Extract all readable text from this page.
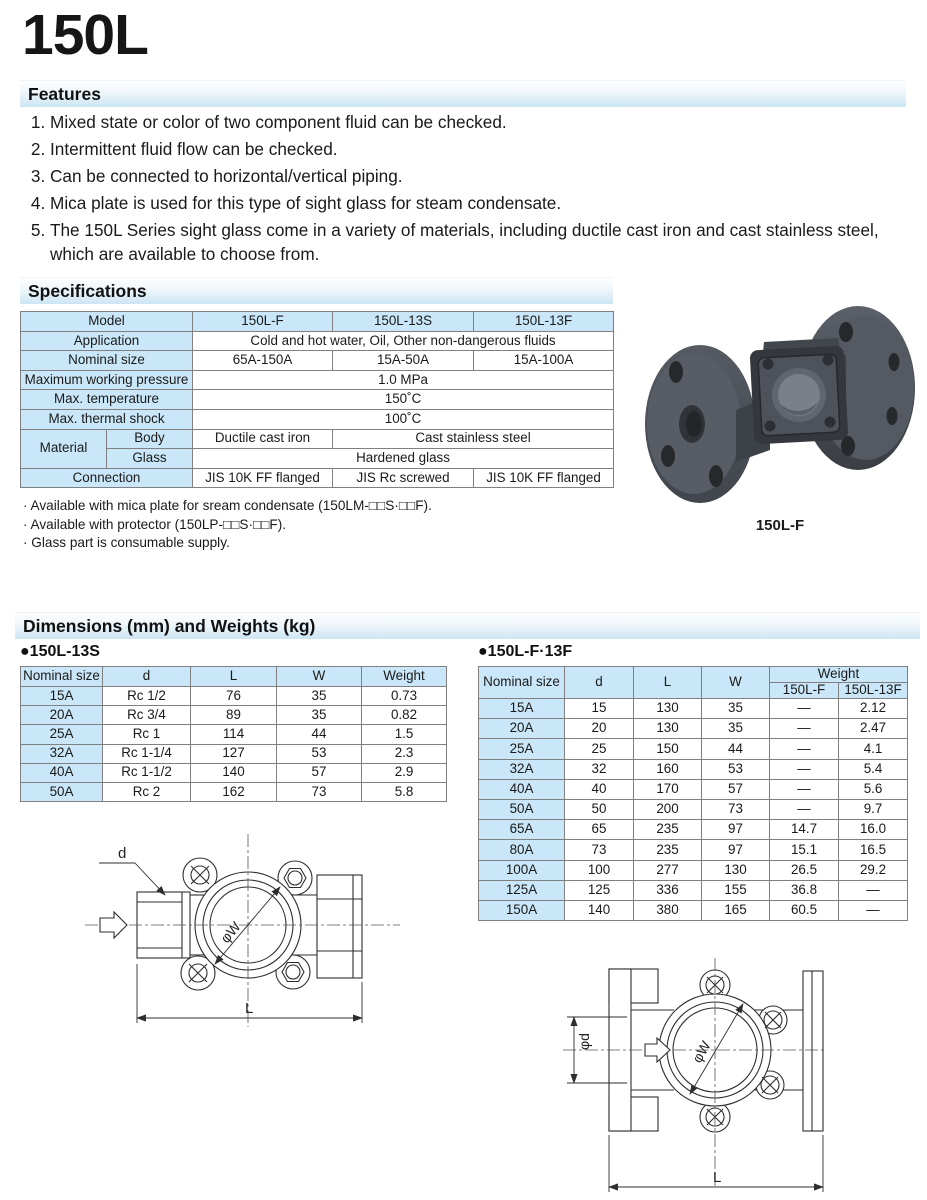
150L
Features
1. Mixed state or color of two component fluid can be checked.
2. Intermittent fluid flow can be checked.
3. Can be connected to horizontal/vertical piping.
4. Mica plate is used for this type of sight glass for steam condensate.
5. The 150L Series sight glass come in a variety of materials, including ductile cast iron and cast stainless steel, which are available to choose from.
Specifications
Model		150L-F	150L-13S	150L-13F
Application		Cold and hot water, Oil, Other non-dangerous fluids		
Nominal size		65A-150A	15A-50A	15A-100A
Maximum working pressure		1.0 MPa		
Max. temperature		150˚C		
Max. thermal shock		100˚C		
Material	Body	Ductile cast iron	Cast stainless steel	
	Glass	Hardened glass		
Connection		JIS 10K FF flanged	JIS Rc screwed	JIS 10K FF flanged
· Available with mica plate for sream condensate (150LM-□□S·□□F).
· Available with protector (150LP-□□S·□□F).
· Glass part is consumable supply.
150L-F
Dimensions (mm) and Weights (kg)
●150L-13S
Nominal size	d	L	W	Weight
15A	Rc 1/2	76	35	0.73
20A	Rc 3/4	89	35	0.82
25A	Rc 1	114	44	1.5
32A	Rc 1-1/4	127	53	2.3
40A	Rc 1-1/2	140	57	2.9
50A	Rc 2	162	73	5.8
●150L-F·13F
Nominal size	d	L	W	Weight	
				150L-F	150L-13F
15A	15	130	35	—	2.12
20A	20	130	35	—	2.47
25A	25	150	44	—	4.1
32A	32	160	53	—	5.4
40A	40	170	57	—	5.6
50A	50	200	73	—	9.7
65A	65	235	97	14.7	16.0
80A	73	235	97	15.1	16.5
100A	100	277	130	26.5	29.2
125A	125	336	155	36.8	—
150A	140	380	165	60.5	—
d
φW
L
φd	φW
L
